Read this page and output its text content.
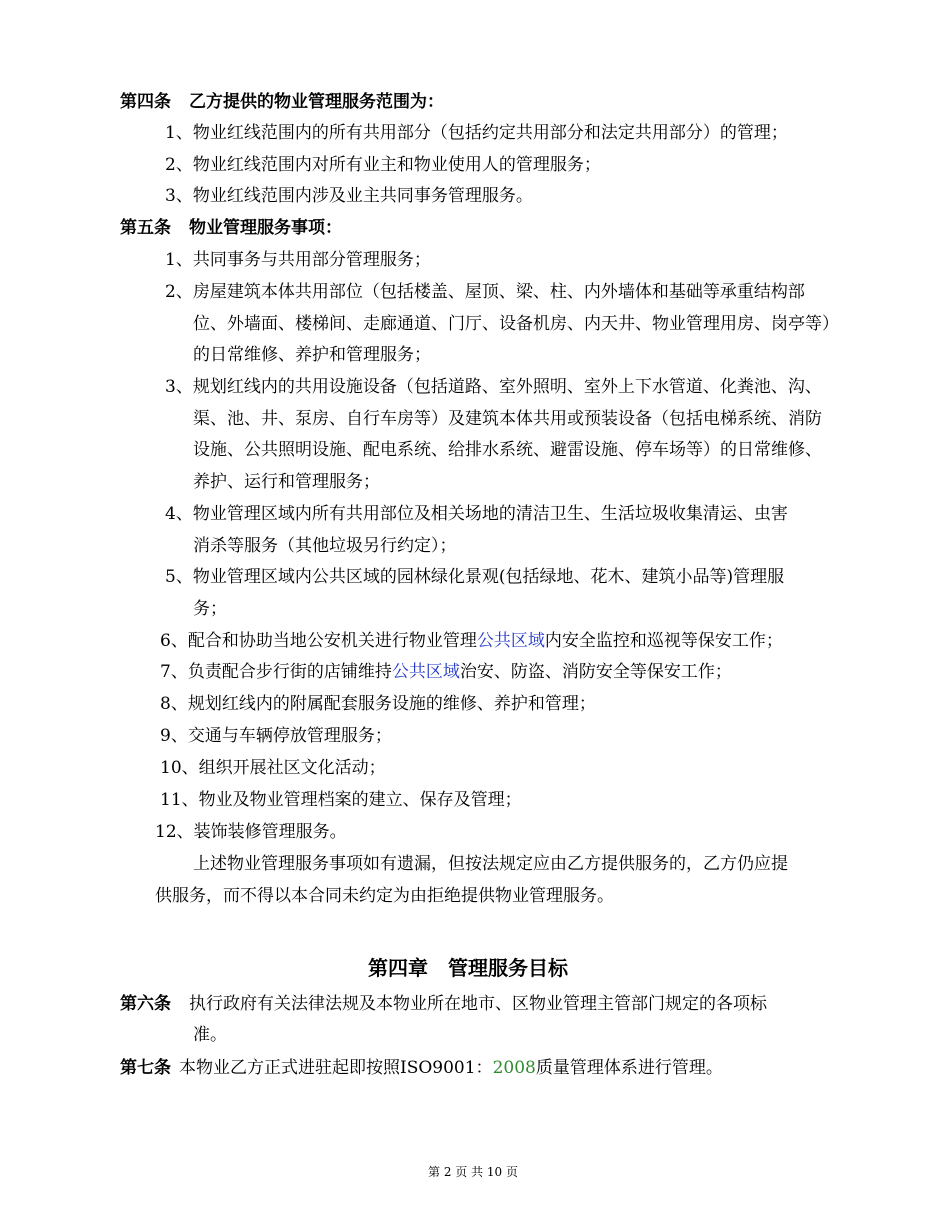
第四条 乙方提供的物业管理服务范围为：
1、物业红线范围内的所有共用部分（包括约定共用部分和法定共用部分）的管理；
2、物业红线范围内对所有业主和物业使用人的管理服务；
3、物业红线范围内涉及业主共同事务管理服务。
第五条 物业管理服务事项：
1、共同事务与共用部分管理服务；
2、房屋建筑本体共用部位（包括楼盖、屋顶、梁、柱、内外墙体和基础等承重结构部
位、外墙面、楼梯间、走廊通道、门厅、设备机房、内天井、物业管理用房、岗亭等）
的日常维修、养护和管理服务；
3、规划红线内的共用设施设备（包括道路、室外照明、室外上下水管道、化粪池、沟、
渠、池、井、泵房、自行车房等）及建筑本体共用或预装设备（包括电梯系统、消防
设施、公共照明设施、配电系统、给排水系统、避雷设施、停车场等）的日常维修、
养护、运行和管理服务；
4、物业管理区域内所有共用部位及相关场地的清洁卫生、生活垃圾收集清运、虫害
消杀等服务（其他垃圾另行约定）；
5、物业管理区域内公共区域的园林绿化景观(包括绿地、花木、建筑小品等)管理服
务；
6、配合和协助当地公安机关进行物业管理公共区域内安全监控和巡视等保安工作；
7、负责配合步行街的店铺维持公共区域治安、防盗、消防安全等保安工作；
8、规划红线内的附属配套服务设施的维修、养护和管理；
9、交通与车辆停放管理服务；
10、组织开展社区文化活动；
11、物业及物业管理档案的建立、保存及管理；
12、装饰装修管理服务。
上述物业管理服务事项如有遗漏，但按法规定应由乙方提供服务的，乙方仍应提
供服务，而不得以本合同未约定为由拒绝提供物业管理服务。
第四章　管理服务目标
第六条 执行政府有关法律法规及本物业所在地市、区物业管理主管部门规定的各项标
准。
第七条 本物业乙方正式进驻起即按照ISO9001：2008质量管理体系进行管理。
第 2 页 共 10 页
